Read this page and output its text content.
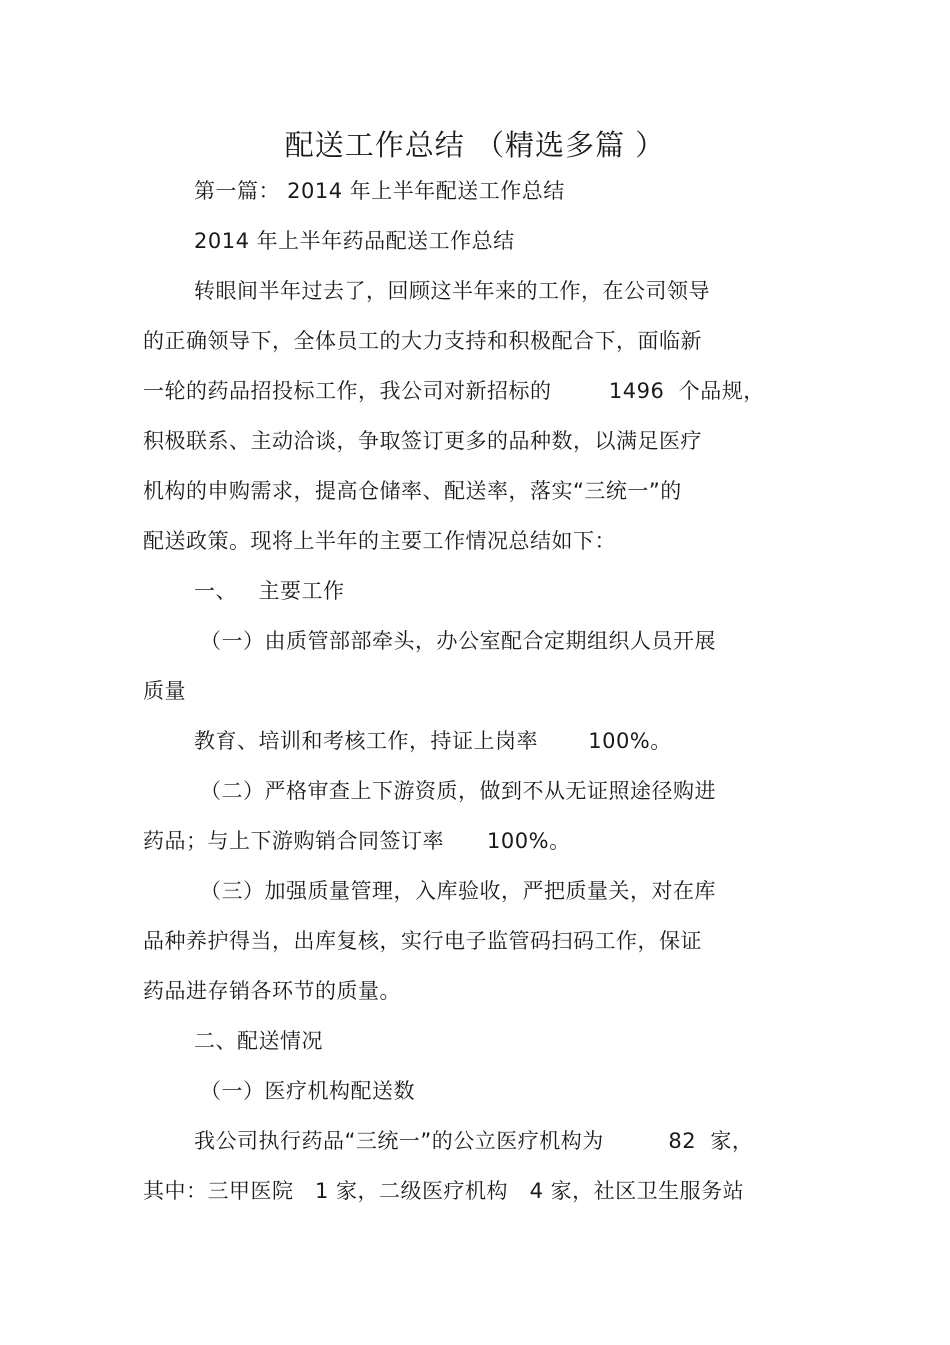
配送工作总结 （精选多篇 ）
第一篇： 2014 年上半年配送工作总结
2014 年上半年药品配送工作总结
转眼间半年过去了，回顾这半年来的工作，在公司领导
的正确领导下，全体员工的大力支持和积极配合下，面临新
一轮的药品招投标工作，我公司对新招标的        1496  个品规，
积极联系、主动洽谈，争取签订更多的品种数，以满足医疗
机构的申购需求，提高仓储率、配送率，落实“三统一”的
配送政策。现将上半年的主要工作情况总结如下：
一、   主要工作
（一）由质管部部牵头，办公室配合定期组织人员开展
质量
教育、培训和考核工作，持证上岗率       100%。
（二）严格审查上下游资质，做到不从无证照途径购进
药品；与上下游购销合同签订率      100%。
（三）加强质量管理，入库验收，严把质量关，对在库
品种养护得当，出库复核，实行电子监管码扫码工作，保证
药品进存销各环节的质量。
二、配送情况
（一）医疗机构配送数
我公司执行药品“三统一”的公立医疗机构为         82  家，
其中：三甲医院   1 家，二级医疗机构   4 家，社区卫生服务站
